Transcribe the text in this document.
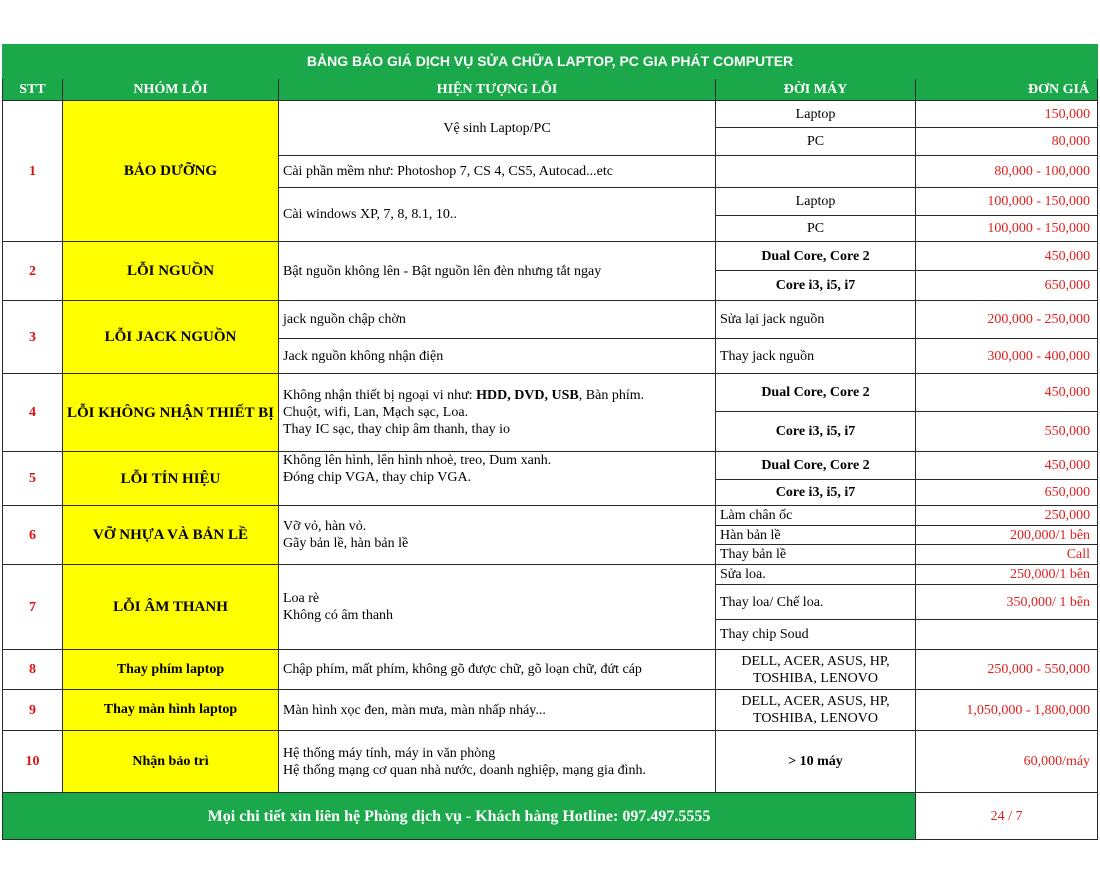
BẢNG BÁO GIÁ DỊCH VỤ SỬA CHỮA LAPTOP, PC GIA PHÁT COMPUTER				
STT	NHÓM LỖI	HIỆN TƯỢNG LỖI	ĐỜI MÁY	ĐƠN GIÁ
1	BẢO DƯỠNG	Vệ sinh Laptop/PC	Laptop	150,000
			PC	80,000
		Cài phần mềm như: Photoshop 7, CS 4, CS5, Autocad...etc		80,000 - 100,000
		Cài windows XP, 7, 8, 8.1, 10..	Laptop	100,000 - 150,000
			PC	100,000 - 150,000

2	LỖI NGUỒN	Bật nguồn không lên - Bật nguồn lên đèn nhưng tắt ngay	Dual Core, Core 2	450,000
			Core i3, i5, i7	650,000
3	LỖI JACK NGUỒN	jack nguồn chập chờn	Sửa lại jack nguồn	200,000 - 250,000
		Jack nguồn không nhận điện	Thay jack nguồn	300,000 - 400,000
4	LỖI KHÔNG NHẬN THIẾT BỊ	Không nhận thiết bị ngoại vi như: HDD, DVD, USB, Bàn phím.
Chuột, wifi, Lan, Mạch sạc, Loa.
Thay IC sạc, thay chip âm thanh, thay io	Dual Core, Core 2	450,000
			Core i3, i5, i7	550,000
5	LỖI TÍN HIỆU	Không lên hình, lên hình nhoè, treo, Dum xanh.
Đóng chip VGA, thay chip VGA.	Dual Core, Core 2	450,000
			Core i3, i5, i7	650,000
6	VỠ NHỰA VÀ BẢN LỀ	Vỡ vỏ, hàn vỏ.
Gãy bản lề, hàn bản lề	Làm chân ốc	250,000
			Hàn bản lề	200,000/1 bên
			Thay bản lề	Call
7	LỖI ÂM THANH	Loa rè
Không có âm thanh	Sửa loa.	250,000/1 bên
			Thay loa/ Chế loa.	350,000/ 1 bên
			Thay chip Soud	
8	Thay phím laptop	Chập phím, mất phím, không gõ được chữ, gõ loạn chữ, đứt cáp	DELL, ACER, ASUS, HP,
TOSHIBA, LENOVO	250,000 - 550,000
9	Thay màn hình laptop	Màn hình xọc đen, màn mưa, màn nhấp nháy...	DELL, ACER, ASUS, HP,
TOSHIBA, LENOVO	1,050,000 - 1,800,000
10	Nhận bảo trì	Hệ thống máy tính, máy in văn phòng
Hệ thống mạng cơ quan nhà nước, doanh nghiệp, mạng gia đình.	> 10 máy	60,000/máy
Mọi chi tiết xin liên hệ Phòng dịch vụ - Khách hàng Hotline: 097.497.5555				24 / 7
